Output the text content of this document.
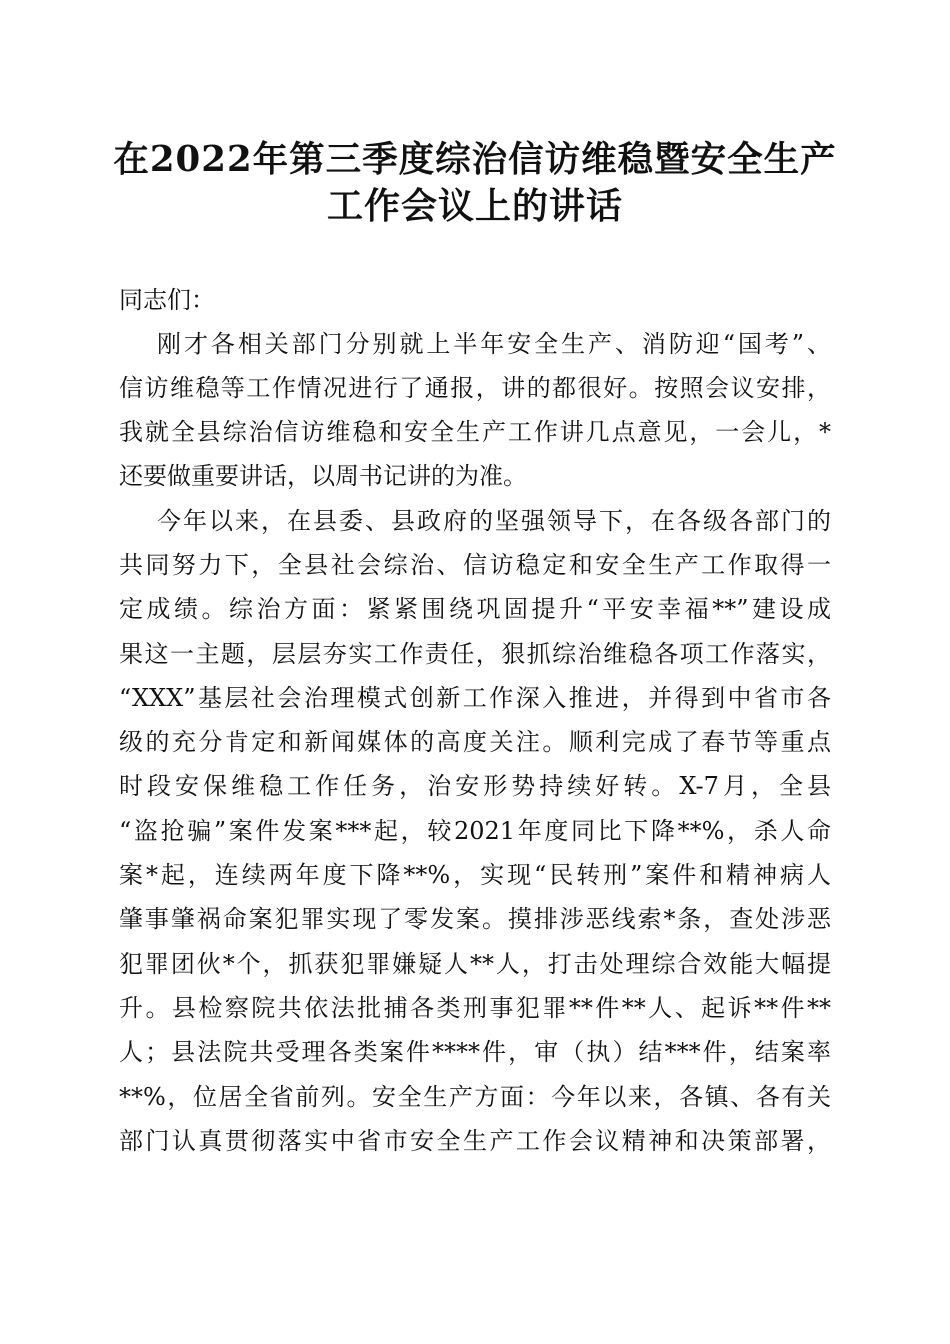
在2022年第三季度综治信访维稳暨安全生产
工作会议上的讲话
同志们：
刚才各相关部门分别就上半年安全生产、消防迎“国考”、
信访维稳等工作情况进行了通报，讲的都很好。按照会议安排，
我就全县综治信访维稳和安全生产工作讲几点意见，一会儿，*
还要做重要讲话，以周书记讲的为准。
今年以来，在县委、县政府的坚强领导下，在各级各部门的
共同努力下，全县社会综治、信访稳定和安全生产工作取得一
定成绩。综治方面：紧紧围绕巩固提升“平安幸福**”建设成
果这一主题，层层夯实工作责任，狠抓综治维稳各项工作落实，
“XXX”基层社会治理模式创新工作深入推进，并得到中省市各
级的充分肯定和新闻媒体的高度关注。顺利完成了春节等重点
时段安保维稳工作任务，治安形势持续好转。X-7月，全县
“盗抢骗”案件发案***起，较2021年度同比下降**%，杀人命
案*起，连续两年度下降**%，实现“民转刑”案件和精神病人
肇事肇祸命案犯罪实现了零发案。摸排涉恶线索*条，查处涉恶
犯罪团伙*个，抓获犯罪嫌疑人**人，打击处理综合效能大幅提
升。县检察院共依法批捕各类刑事犯罪**件**人、起诉**件**
人；县法院共受理各类案件****件，审（执）结***件，结案率
**%，位居全省前列。安全生产方面：今年以来，各镇、各有关
部门认真贯彻落实中省市安全生产工作会议精神和决策部署，
